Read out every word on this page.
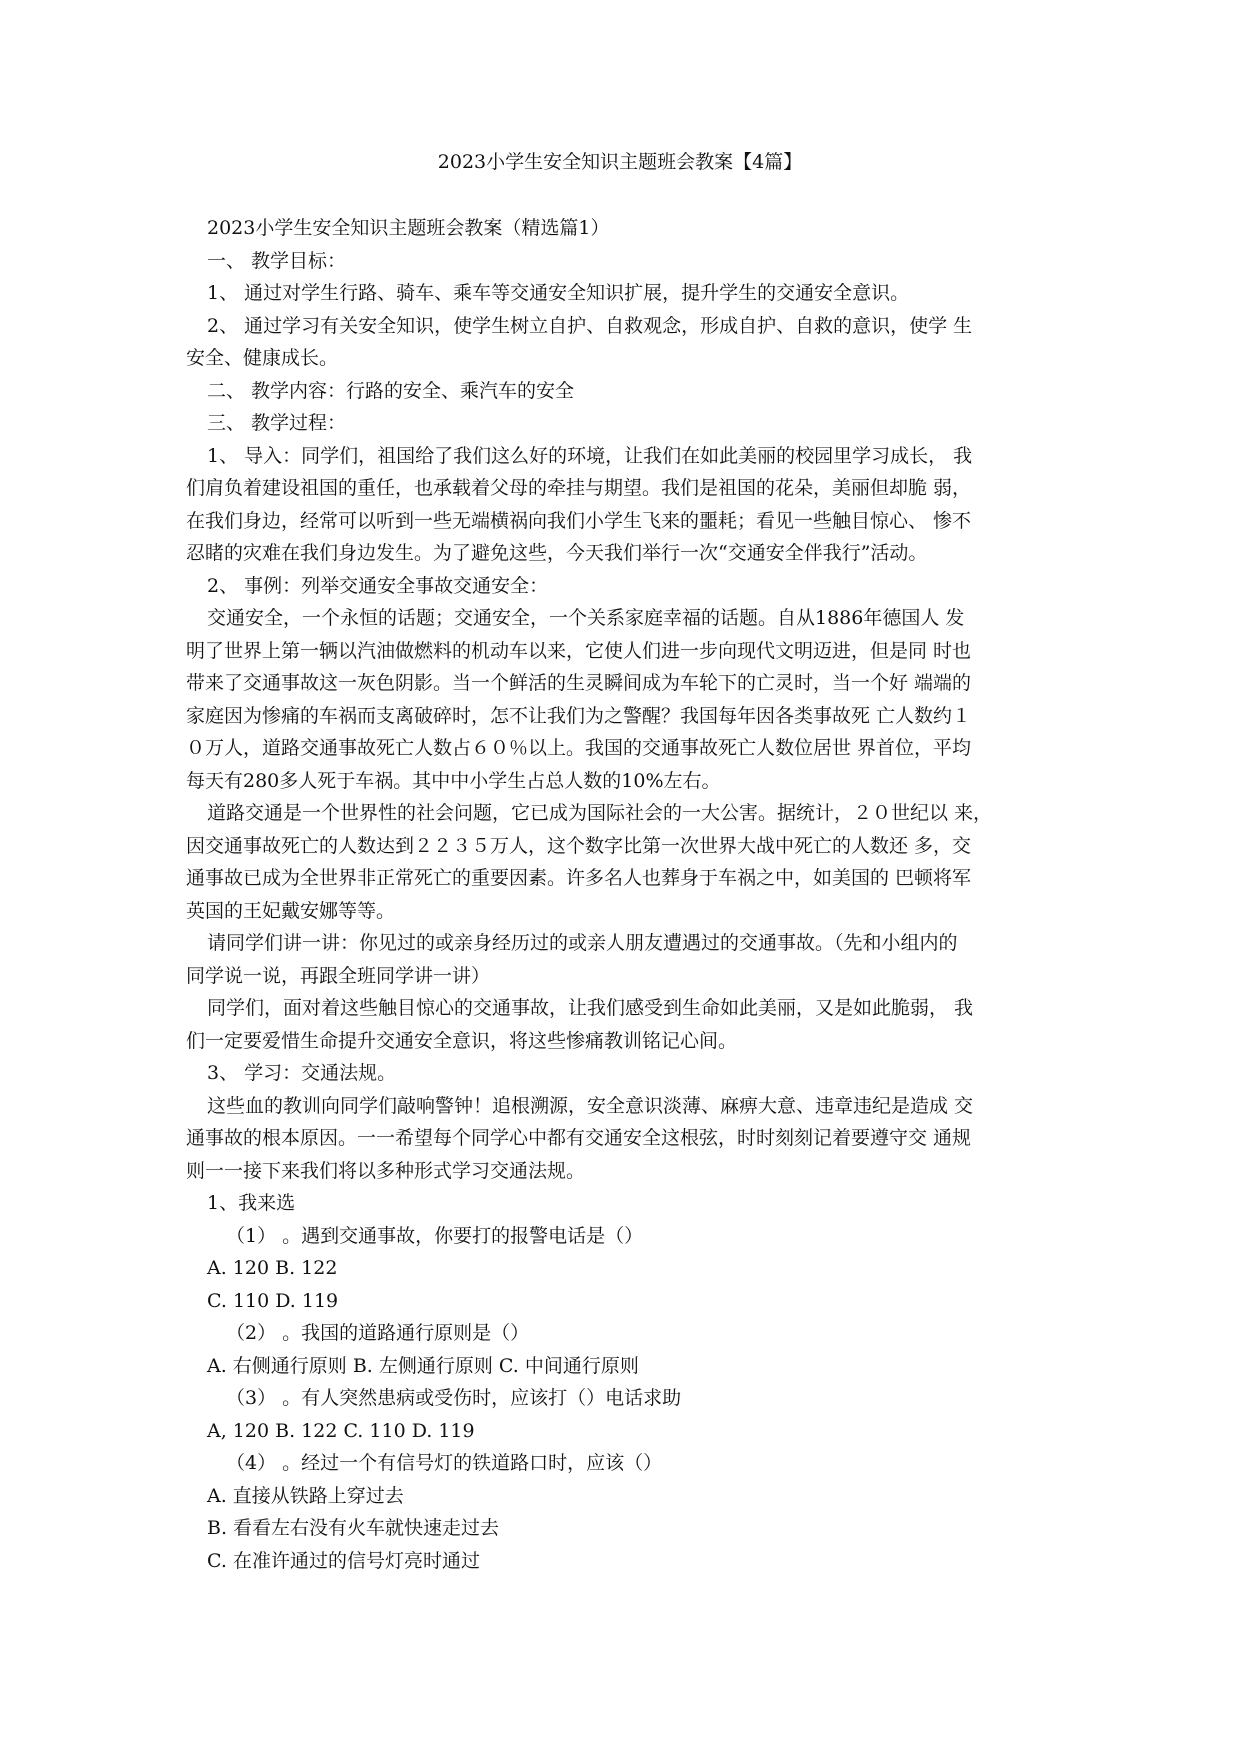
2023小学生安全知识主题班会教案【4篇】
2023小学生安全知识主题班会教案（精选篇1）
一、 教学目标：
1、 通过对学生行路、骑车、乘车等交通安全知识扩展，提升学生的交通安全意识。
2、 通过学习有关安全知识，使学生树立自护、自救观念，形成自护、自救的意识，使学 生
安全、健康成长。
二、 教学内容：行路的安全、乘汽车的安全
三、 教学过程：
1、 导入：同学们，祖国给了我们这么好的环境，让我们在如此美丽的校园里学习成长， 我
们肩负着建设祖国的重任，也承载着父母的牵挂与期望。我们是祖国的花朵，美丽但却脆 弱，
在我们身边，经常可以听到一些无端横祸向我们小学生飞来的噩耗；看见一些触目惊心、 惨不
忍睹的灾难在我们身边发生。为了避免这些，今天我们举行一次“交通安全伴我行”活动。
2、 事例：列举交通安全事故交通安全：
交通安全，一个永恒的话题；交通安全，一个关系家庭幸福的话题。自从1886年德国人 发
明了世界上第一辆以汽油做燃料的机动车以来，它使人们进一步向现代文明迈进，但是同 时也
带来了交通事故这一灰色阴影。当一个鲜活的生灵瞬间成为车轮下的亡灵时，当一个好 端端的
家庭因为惨痛的车祸而支离破碎时，怎不让我们为之警醒？我国每年因各类事故死 亡人数约１
０万人，道路交通事故死亡人数占６０％以上。我国的交通事故死亡人数位居世 界首位，平均
每天有280多人死于车祸。其中中小学生占总人数的10%左右。
道路交通是一个世界性的社会问题，它已成为国际社会的一大公害。据统计，２０世纪以 来，
因交通事故死亡的人数达到２２３５万人，这个数字比第一次世界大战中死亡的人数还 多，交
通事故已成为全世界非正常死亡的重要因素。许多名人也葬身于车祸之中，如美国的 巴顿将军
英国的王妃戴安娜等等。
请同学们讲一讲：你见过的或亲身经历过的或亲人朋友遭遇过的交通事故。（先和小组内的
同学说一说，再跟全班同学讲一讲）
同学们，面对着这些触目惊心的交通事故，让我们感受到生命如此美丽，又是如此脆弱， 我
们一定要爱惜生命提升交通安全意识，将这些惨痛教训铭记心间。
3、 学习：交通法规。
这些血的教训向同学们敲响警钟！追根溯源，安全意识淡薄、麻痹大意、违章违纪是造成 交
通事故的根本原因。一一希望每个同学心中都有交通安全这根弦，时时刻刻记着要遵守交 通规
则一一接下来我们将以多种形式学习交通法规。
1、我来选
（1） 。遇到交通事故，你要打的报警电话是（）
A. 120 B. 122
C. 110 D. 119
（2） 。我国的道路通行原则是（）
A. 右侧通行原则 B. 左侧通行原则 C. 中间通行原则
（3） 。有人突然患病或受伤时，应该打（）电话求助
A, 120 B. 122 C. 110 D. 119
（4） 。经过一个有信号灯的铁道路口时，应该（）
A. 直接从铁路上穿过去
B. 看看左右没有火车就快速走过去
C. 在准许通过的信号灯亮时通过
